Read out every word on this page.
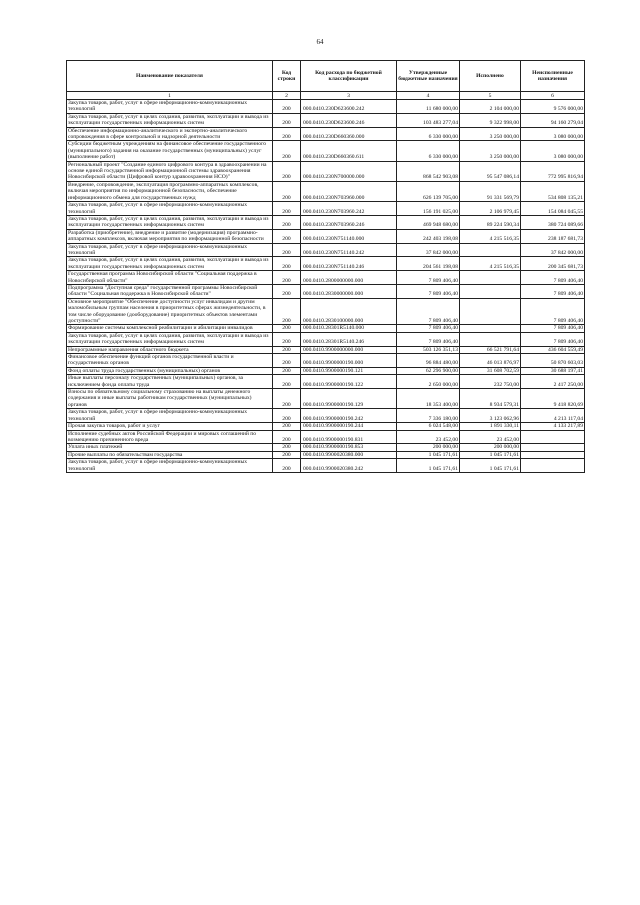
64
Наименование показателя	Код строки	Код расхода по бюджетной классификации	Утвержденные бюджетные назначения	Исполнено	Неисполненные назначения
1	2	3	4	5	6
Закупка товаров, работ, услуг в сфере информационно-коммуникационных технологий	200	000.0410.230D623600.242	11 680 000,00	2 104 000,00	9 576 000,00
Закупка товаров, работ, услуг в целях создания, развития, эксплуатации и вывода из эксплуатации государственных информационных систем	200	000.0410.230D623600.246	103 483 277,04	9 322 998,00	94 160 279,04
Обеспечение информационно-аналитического и экспертно-аналитического сопровождения в сфере контрольной и надзорной деятельности	200	000.0410.230D660360.000	6 330 000,00	3 250 000,00	3 080 000,00
Субсидии бюджетным учреждениям на финансовое обеспечение государственного (муниципального) задания на оказание государственных (муниципальных) услуг (выполнение работ)	200	000.0410.230D660360.611	6 330 000,00	3 250 000,00	3 080 000,00
Региональный проект "Создание единого цифрового контура в здравоохранении на основе единой государственной информационной системы здравоохранения Новосибирской области (Цифровой контур здравоохранения НСО)"	200	000.0410.230N700000.000	868 542 903,08	95 547 086,14	772 995 816,94
Внедрение, сопровождение, эксплуатация программно-аппаратных комплексов, включая мероприятия по информационной безопасности, обеспечение информационного обмена для государственных нужд	200	000.0410.230N703960.000	626 139 705,00	91 331 569,79	534 808 135,21
Закупка товаров, работ, услуг в сфере информационно-коммуникационных технологий	200	000.0410.230N703960.242	156 191 025,00	2 106 979,45	154 084 045,55
Закупка товаров, работ, услуг в целях создания, развития, эксплуатации и вывода из эксплуатации государственных информационных систем	200	000.0410.230N703960.246	469 948 680,00	89 224 590,34	380 724 089,66
Разработка (приобретение), внедрение и развитие (модернизация) программно-аппаратных комплексов, включая мероприятия по информационной безопасности	200	000.0410.230N751140.000	242 403 198,08	4 215 516,35	238 187 681,73
Закупка товаров, работ, услуг в сфере информационно-коммуникационных технологий	200	000.0410.230N751140.242	37 842 000,00		37 842 000,00
Закупка товаров, работ, услуг в целях создания, развития, эксплуатации и вывода из эксплуатации государственных информационных систем	200	000.0410.230N751140.246	204 561 198,08	4 215 516,35	200 345 681,73
Государственная программа Новосибирской области "Социальная поддержка в Новосибирской области"	200	000.0410.2800000000.000	7 809 406,40		7 809 406,40
Подпрограмма "Доступная среда" государственной программы Новосибирской области "Социальная поддержка в Новосибирской области"	200	000.0410.2830000000.000	7 809 406,40		7 809 406,40
Основное мероприятие "Обеспечение доступности услуг инвалидам и другим маломобильным группам населения в приоритетных сферах жизнедеятельности, в том числе оборудование (дооборудование) приоритетных объектов элементами доступности"	200	000.0410.2830100000.000	7 809 406,40		7 809 406,40
Формирование системы комплексной реабилитации и абилитации инвалидов	200	000.0410.28301R5140.000	7 809 406,40		7 809 406,40
Закупка товаров, работ, услуг в целях создания, развития, эксплуатации и вывода из эксплуатации государственных информационных систем	200	000.0410.28301R5140.246	7 809 406,40		7 809 406,40
Непрограммные направления областного бюджета	200	000.0410.9900000000.000	503 126 351,13	66 521 791,64	436 604 559,49
Финансовое обеспечение функций органов государственной власти и государственных органов	200	000.0410.9900000190.000	96 884 480,00	46 013 876,97	50 870 603,03
Фонд оплаты труда государственных (муниципальных) органов	200	000.0410.9900000190.121	62 296 900,00	31 608 702,59	30 688 197,41
Иные выплаты персоналу государственных (муниципальных) органов, за исключением фонда оплаты труда	200	000.0410.9900000190.122	2 650 000,00	232 750,00	2 417 250,00
Взносы по обязательному социальному страхованию на выплаты денежного содержания и иные выплаты работникам государственных (муниципальных) органов	200	000.0410.9900000190.129	18 353 400,00	8 934 579,31	9 418 820,69
Закупка товаров, работ, услуг в сфере информационно-коммуникационных технологий	200	000.0410.9900000190.242	7 336 180,00	3 123 062,96	4 213 117,04
Прочая закупка товаров, работ и услуг	200	000.0410.9900000190.244	6 024 548,00	1 891 330,11	4 133 217,89
Исполнение судебных актов Российской Федерации и мировых соглашений по возмещению причиненного вреда	200	000.0410.9900000190.831	23 452,00	23 452,00	
Уплата иных платежей	200	000.0410.9900000190.853	200 000,00	200 000,00	
Прочие выплаты по обязательствам государства	200	000.0410.9900020380.000	1 045 171,61	1 045 171,61	
Закупка товаров, работ, услуг в сфере информационно-коммуникационных технологий	200	000.0410.9900020380.242	1 045 171,61	1 045 171,61	
